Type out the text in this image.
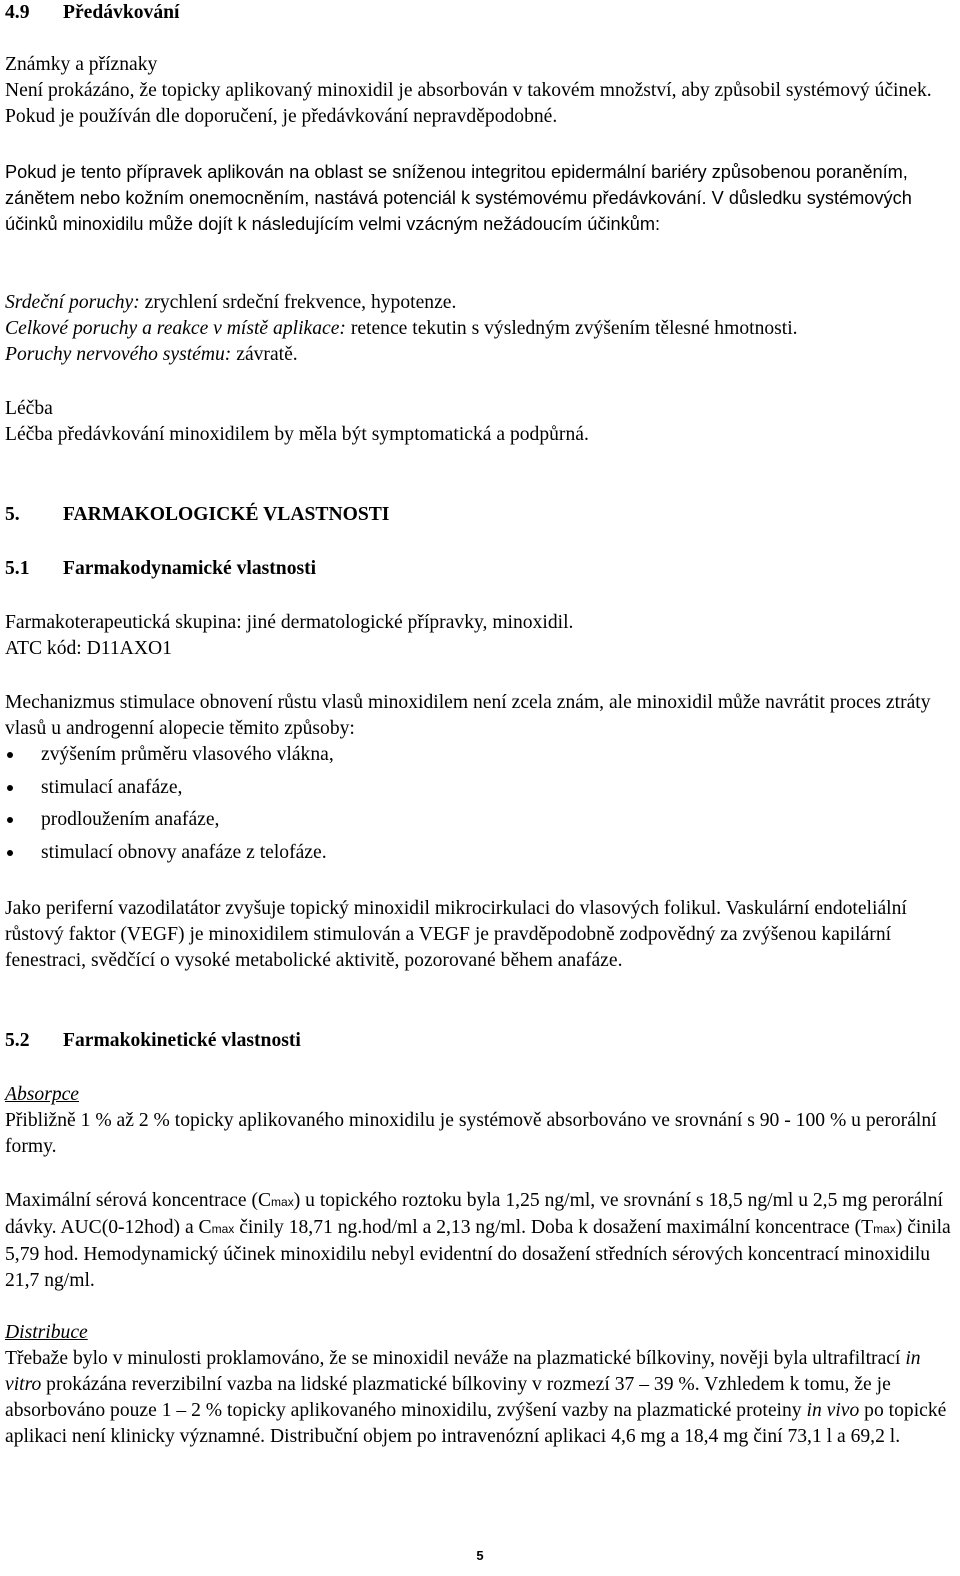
4.9 Předávkování

Známky a příznaky

Není prokázáno, že topicky aplikovaný minoxidil je absorbován v takovém množství, aby způsobil systémový účinek. Pokud je používán dle doporučení, je předávkování nepravděpodobné.

Pokud je tento přípravek aplikován na oblast se sníženou integritou epidermální bariéry způsobenou poraněním, zánětem nebo kožním onemocněním, nastává potenciál k systémovému předávkování. V důsledku systémových účinků minoxidilu může dojít k následujícím velmi vzácným nežádoucím účinkům:

Srdeční poruchy: zrychlení srdeční frekvence, hypotenze.

Celkové poruchy a reakce v místě aplikace: retence tekutin s výsledným zvýšením tělesné hmotnosti.

Poruchy nervového systému: závratě.

Léčba

Léčba předávkování minoxidilem by měla být symptomatická a podpůrná.

5. FARMAKOLOGICKÉ VLASTNOSTI
5.1 Farmakodynamické vlastnosti

Farmakoterapeutická skupina: jiné dermatologické přípravky, minoxidil.

ATC kód: D11AXO1

Mechanizmus stimulace obnovení růstu vlasů minoxidilem není zcela znám, ale minoxidil může navrátit proces ztráty vlasů u androgenní alopecie těmito způsoby:

zvýšením průměru vlasového vlákna,
stimulací anafáze,
prodloužením anafáze,
stimulací obnovy anafáze z telofáze.

Jako periferní vazodilatátor zvyšuje topický minoxidil mikrocirkulaci do vlasových folikul. Vaskulární endoteliální růstový faktor (VEGF) je minoxidilem stimulován a VEGF je pravděpodobně zodpovědný za zvýšenou kapilární fenestraci, svědčící o vysoké metabolické aktivitě, pozorované během anafáze.

5.2 Farmakokinetické vlastnosti

Absorpce

Přibližně 1 % až 2 % topicky aplikovaného minoxidilu je systémově absorbováno ve srovnání s 90 - 100 % u perorální formy.

Maximální sérová koncentrace (Cmax) u topického roztoku byla 1,25 ng/ml, ve srovnání s 18,5 ng/ml u 2,5 mg perorální dávky. AUC(0-12hod) a Cmax činily 18,71 ng.hod/ml a 2,13 ng/ml. Doba k dosažení maximální koncentrace (Tmax) činila 5,79 hod. Hemodynamický účinek minoxidilu nebyl evidentní do dosažení středních sérových koncentrací minoxidilu 21,7 ng/ml.

Distribuce

Třebaže bylo v minulosti proklamováno, že se minoxidil neváže na plazmatické bílkoviny, nověji byla ultrafiltrací in vitro prokázána reverzibilní vazba na lidské plazmatické bílkoviny v rozmezí 37 – 39 %. Vzhledem k tomu, že je absorbováno pouze 1 – 2 % topicky aplikovaného minoxidilu, zvýšení vazby na plazmatické proteiny in vivo po topické aplikaci není klinicky významné. Distribuční objem po intravenózní aplikaci 4,6 mg a 18,4 mg činí 73,1 l a 69,2 l.

5
